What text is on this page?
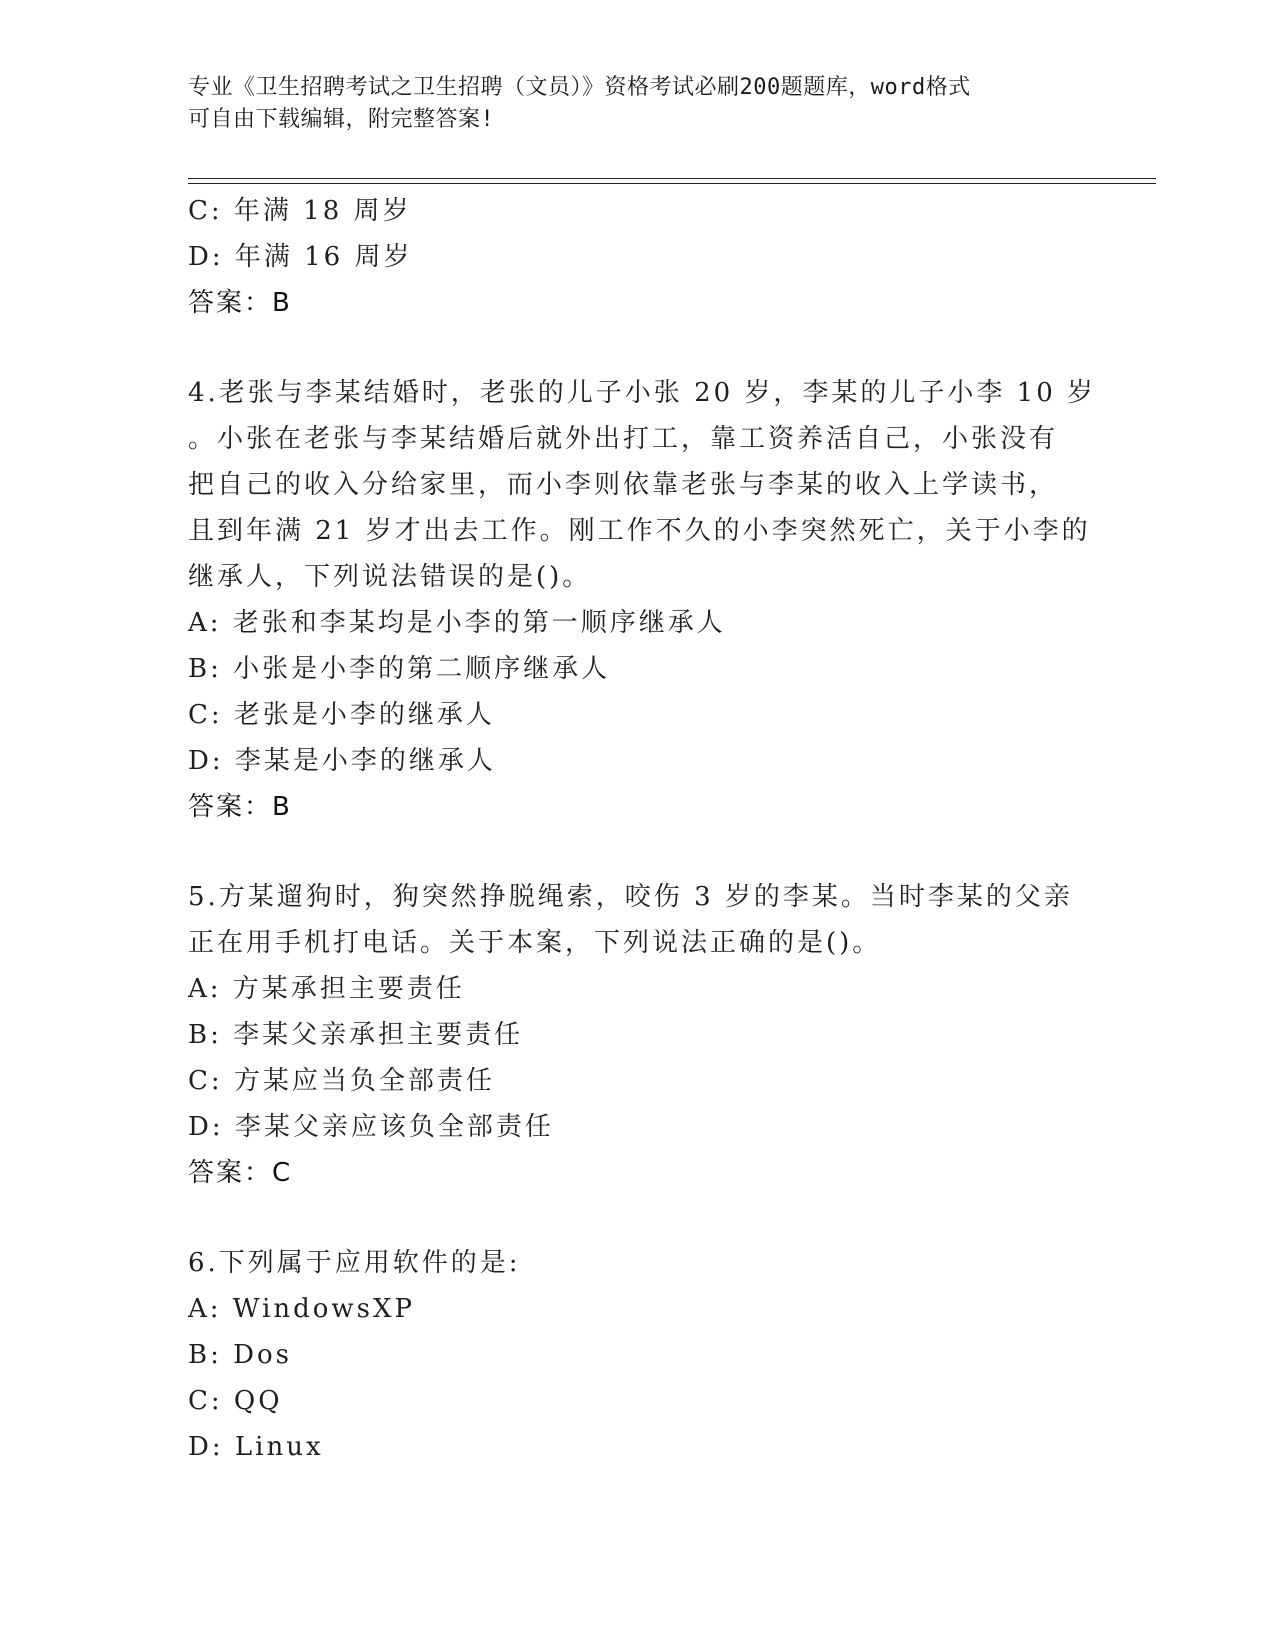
专业《卫生招聘考试之卫生招聘（文员）》资格考试必刷200题题库，word格式
可自由下载编辑，附完整答案!
C: 年满 18 周岁
D: 年满 16 周岁
答案：B
4.老张与李某结婚时，老张的儿子小张 20 岁，李某的儿子小李 10 岁
。小张在老张与李某结婚后就外出打工，靠工资养活自己，小张没有
把自己的收入分给家里，而小李则依靠老张与李某的收入上学读书，
且到年满 21 岁才出去工作。刚工作不久的小李突然死亡，关于小李的
继承人，下列说法错误的是()。
A: 老张和李某均是小李的第一顺序继承人
B: 小张是小李的第二顺序继承人
C: 老张是小李的继承人
D: 李某是小李的继承人
答案：B
5.方某遛狗时，狗突然挣脱绳索，咬伤 3 岁的李某。当时李某的父亲
正在用手机打电话。关于本案，下列说法正确的是()。
A: 方某承担主要责任
B: 李某父亲承担主要责任
C: 方某应当负全部责任
D: 李某父亲应该负全部责任
答案：C
6.下列属于应用软件的是:
A: WindowsXP
B: Dos
C: QQ
D: Linux
